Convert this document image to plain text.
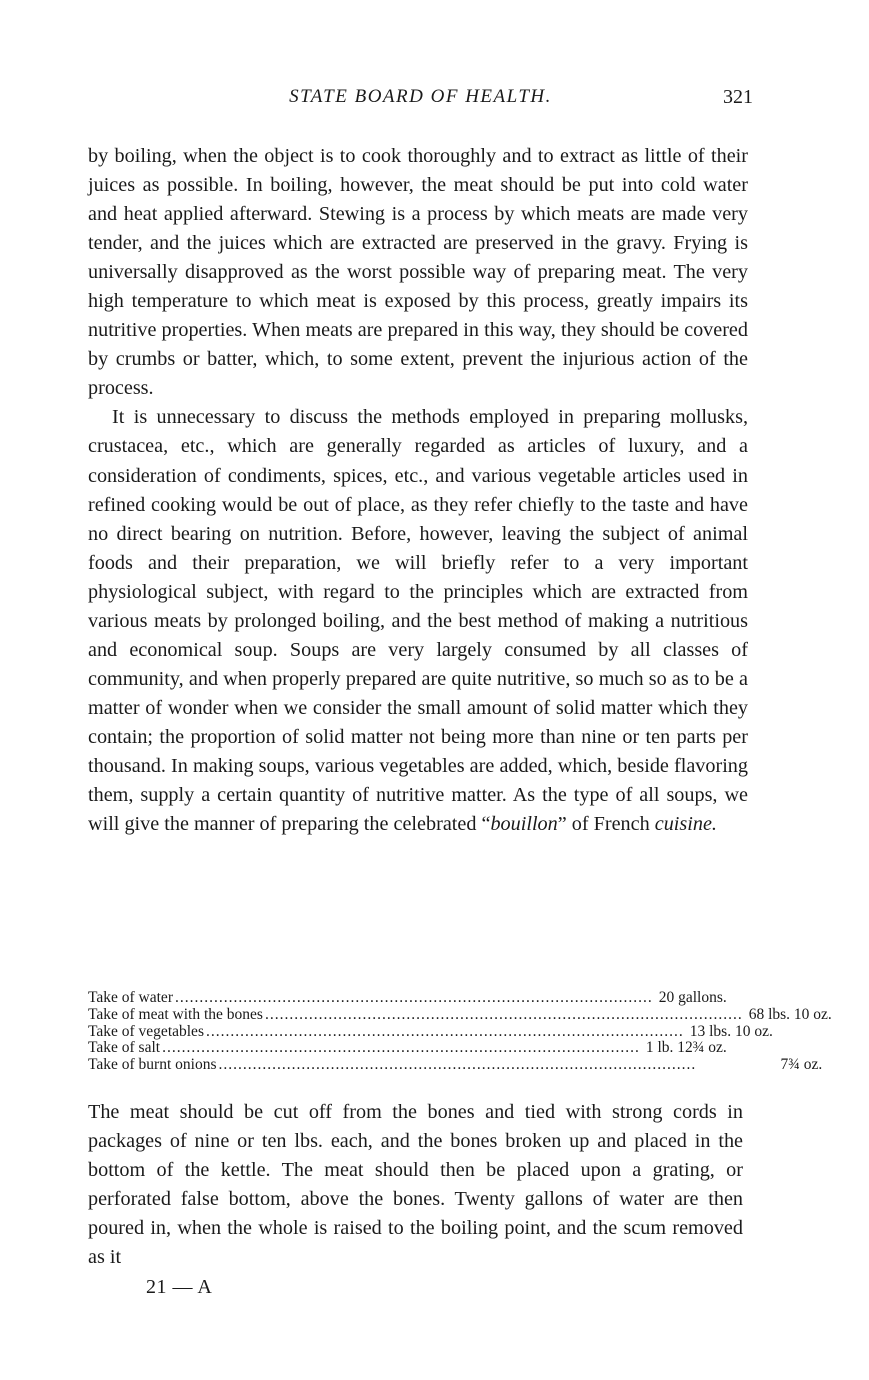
STATE BOARD OF HEALTH.	321

by boiling, when the object is to cook thoroughly and to extract as little of their juices as possible. In boiling, however, the meat should be put into cold water and heat applied afterward. Stewing is a process by which meats are made very tender, and the juices which are extracted are preserved in the gravy. Frying is universally disapproved as the worst possible way of preparing meat. The very high temperature to which meat is exposed by this process, greatly impairs its nutritive properties. When meats are prepared in this way, they should be covered by crumbs or batter, which, to some extent, prevent the injurious action of the process.

It is unnecessary to discuss the methods employed in preparing mollusks, crustacea, etc., which are generally regarded as articles of luxury, and a consideration of condiments, spices, etc., and various vegetable articles used in refined cooking would be out of place, as they refer chiefly to the taste and have no direct bearing on nutrition. Before, however, leaving the subject of animal foods and their preparation, we will briefly refer to a very important physiological subject, with regard to the principles which are extracted from various meats by prolonged boiling, and the best method of making a nutritious and economical soup. Soups are very largely consumed by all classes of community, and when properly prepared are quite nutritive, so much so as to be a matter of wonder when we consider the small amount of solid matter which they contain; the proportion of solid matter not being more than nine or ten parts per thousand. In making soups, various vegetables are added, which, beside flavoring them, supply a certain quantity of nutritive matter. As the type of all soups, we will give the manner of preparing the celebrated “bouillon” of French cuisine.

Take of water .................................................................................................. 20 gallons.
Take of meat with the bones .................................................................................................. 68 lbs. 10 oz.
Take of vegetables .................................................................................................. 13 lbs. 10 oz.
Take of salt .................................................................................................. 1 lb. 12¾ oz.
Take of burnt onions ..................................................................................................	7¾ oz.

The meat should be cut off from the bones and tied with strong cords in packages of nine or ten lbs. each, and the bones broken up and placed in the bottom of the kettle. The meat should then be placed upon a grating, or perforated false bottom, above the bones. Twenty gallons of water are then poured in, when the whole is raised to the boiling point, and the scum removed as it

21 — A
